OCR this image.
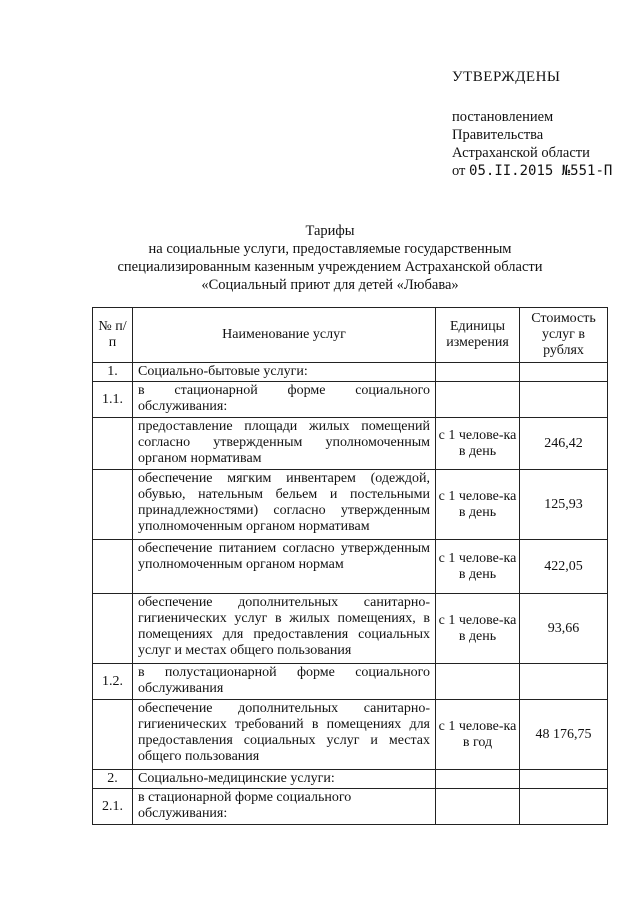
УТВЕРЖДЕНЫ
постановлением
Правительства
Астраханской области
от 05.II.2015 №551-П
Тарифы
на социальные услуги, предоставляемые государственным
специализированным казенным учреждением Астраханской области
«Социальный приют для детей «Любава»
№ п/п	Наименование услуг	Единицы измерения	Стоимость услуг в рублях
1.	Социально-бытовые услуги:		
1.1.	в стационарной форме социального обслуживания:		
	предоставление площади жилых помещений согласно утвержденным уполномоченным органом нормативам	с 1 челове-ка в день	246,42
	обеспечение мягким инвентарем (одеждой, обувью, нательным бельем и постельными принадлежностями) согласно утвержденным уполномоченным органом нормативам	с 1 челове-ка в день	125,93
	обеспечение питанием согласно утвержденным уполномоченным органом нормам	с 1 челове-ка в день	422,05
	обеспечение дополнительных санитарно-гигиенических услуг в жилых помещениях, в помещениях для предоставления социальных услуг и местах общего пользования	с 1 челове-ка в день	93,66
1.2.	в полустационарной форме социального обслуживания		
	обеспечение дополнительных санитарно-гигиенических требований в помещениях для предоставления социальных услуг и местах общего пользования	с 1 челове-ка в год	48 176,75
2.	Социально-медицинские услуги:		
2.1.	в стационарной форме социального обслуживания:		
